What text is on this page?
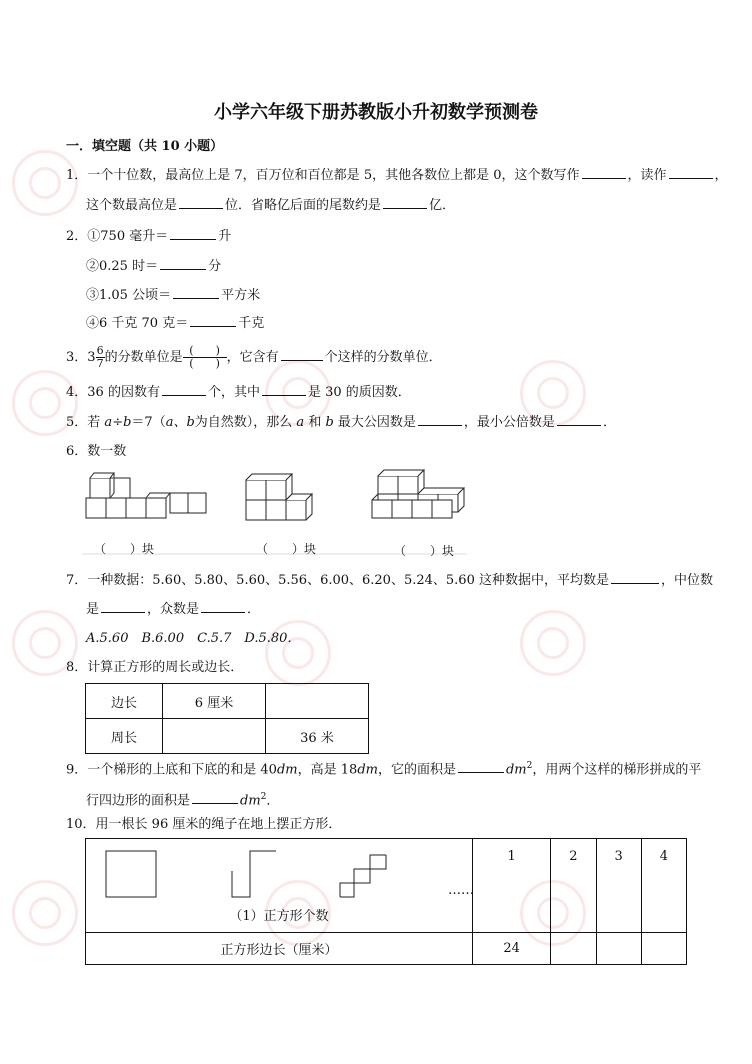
小学六年级下册苏教版小升初数学预测卷
一．填空题（共 10 小题）
1．一个十位数，最高位上是 7，百万位和百位都是 5，其他各数位上都是 0，这个数写作	，读作	，
这个数最高位是	位．省略亿后面的尾数约是	亿．
2．①750 毫升＝	升
②0.25 时＝	分
③1.05 公顷＝	平方米
④6 千克 70 克＝	千克
3．$3 \frac{6}{7}$ 的分数单位是 $\frac{( )}{( )}$ ，它含有	个这样的分数单位．
4．36 的因数有	个，其中	是 30 的质因数．
5．若 a÷b＝7（a、b为自然数），那么 a 和 b 最大公因数是	，最小公倍数是	．
6．数一数
（　　）块	（　　）块	（　　）块
7．一种数据：5.60、5.80、5.60、5.56、6.00、6.20、5.24、5.60 这种数据中，平均数是	，中位数
是	，众数是	．
A.5.60　B.6.00　C.5.7　D.5.80．
8．计算正方形的周长或边长．
边长	6 厘米	
周长		36 米
9．一个梯形的上底和下底的和是 40dm，高是 18dm，它的面积是	$dm^2$，用两个这样的梯形拼成的平
行四边形的面积是	$dm^2$．
10．用一根长 96 厘米的绳子在地上摆正方形．
……
（1）正方形个数	1	2	3	4
正方形边长（厘米）	24			
